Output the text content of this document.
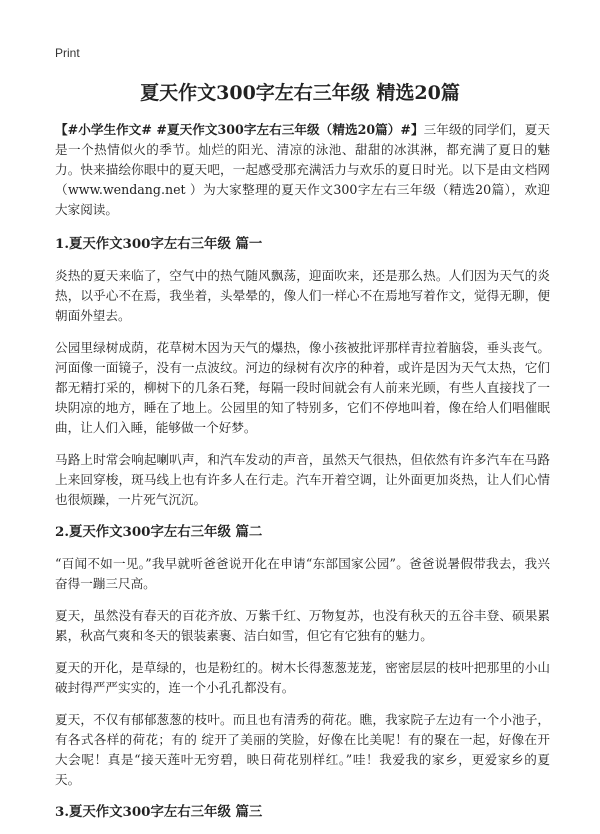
Print
夏天作文300字左右三年级 精选20篇

【#小学生作文# #夏天作文300字左右三年级（精选20篇）#】三年级的同学们，夏天是一个热情似火的季节。灿烂的阳光、清凉的泳池、甜甜的冰淇淋，都充满了夏日的魅力。快来描绘你眼中的夏天吧，一起感受那充满活力与欢乐的夏日时光。以下是由文档网（www.wendang.net ）为大家整理的夏天作文300字左右三年级（精选20篇），欢迎大家阅读。

1.夏天作文300字左右三年级 篇一

炎热的夏天来临了，空气中的热气随风飘荡，迎面吹来，还是那么热。人们因为天气的炎热，以乎心不在焉，我坐着，头晕晕的，像人们一样心不在焉地写着作文，觉得无聊，便朝面外望去。

公园里绿树成荫，花草树木因为天气的爆热，像小孩被批评那样青拉着脑袋，垂头丧气。河面像一面镜子，没有一点波纹。河边的绿树有次序的种着，或许是因为天气太热，它们都无精打采的，柳树下的几条石凳，每隔一段时间就会有人前来光顾，有些人直接找了一块阴凉的地方，睡在了地上。公园里的知了特别多，它们不停地叫着，像在给人们唱催眠曲，让人们入睡，能够做一个好梦。

马路上时常会响起喇叭声，和汽车发动的声音，虽然天气很热，但依然有许多汽车在马路上来回穿梭，斑马线上也有许多人在行走。汽车开着空调，让外面更加炎热，让人们心情也很烦躁，一片死气沉沉。

2.夏天作文300字左右三年级 篇二

“百闻不如一见。”我早就听爸爸说开化在申请“东部国家公园”。爸爸说暑假带我去，我兴奋得一蹦三尺高。

夏天，虽然没有春天的百花齐放、万紫千红、万物复苏，也没有秋天的五谷丰登、硕果累累，秋高气爽和冬天的银装素裹、洁白如雪，但它有它独有的魅力。

夏天的开化，是草绿的，也是粉红的。树木长得葱葱茏茏，密密层层的枝叶把那里的小山破封得严严实实的，连一个小孔孔都没有。

夏天，不仅有郁郁葱葱的枝叶。而且也有清秀的荷花。瞧，我家院子左边有一个小池子，有各式各样的荷花；有的 绽开了美丽的笑脸，好像在比美呢！有的聚在一起，好像在开大会呢！真是“接天莲叶无穷碧，映日荷花别样红。”哇！我爱我的家乡，更爱家乡的夏天。

3.夏天作文300字左右三年级 篇三
